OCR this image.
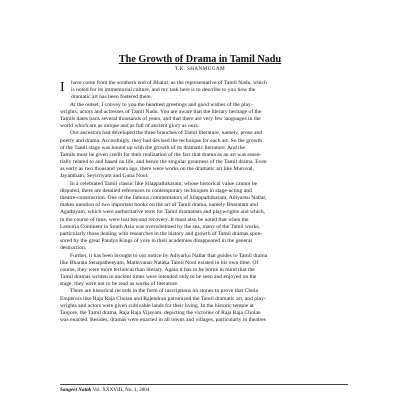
The Growth of Drama in Tamil Nadu
T.K. SHANMUGAM
I	have come from the southern end of Bharat, as the representative of Tamil Nadu, which
is noted for its immemorial culture, and my task here is to describe to you how the
dramatic art has been fostered there.
At the outset, I convey to you the heartiest greetings and good wishes of the play-
wrights, actors and actresses of Tamil Nadu. You are aware that the literary heritage of the
Tamils dates back several thousands of years, and that there are very few languages in the
world which are as unique and as full of ancient glory as ours.
Our ancestors had developed the three branches of Tamil literature, namely, prose and
poetry and drama. Accordingly, they had devised the technique for each art. So the growth
of the Tamil stage was bound up with the growth of its dramatic literature. And the
Tamils must be given credit for their realization of the fact that drama as an art was essen-
tially related to and based on life, and hence the singular greatness of the Tamil drama. Even
as early as two thousand years ago, there were works on the dramatic art like Muruval,
Jayantham, Seyirriyam and Guna Nool.
In a celebrated Tamil classic like Silappathikaram, whose historical value cannot be
disputed, there are detailed references to contemporary techniques in stage-acting and
theatre-construction. One of the famous commentators of Silappathikaram, Adiyarku Nallar,
makes mention of two important books on the art of Tamil drama, namely Bharatam and
Agathiyam, which were authoritative texts for Tamil dramatists and playwrights and which,
in the course of time, were lost beyond recovery. It must also be noted that when the
Lemuria Continent in South Asia was overwhelmed by the sea, many of the Tamil works,
particularly those dealing with researches in the history and growth of Tamil dramas spon-
sored by the great Pandya Kings of yore in their academies disappeared in the general
destruction.
Further, it has been brought to our notice by Adiyarku Nallar that guides to Tamil drama
like Bharata Senapatheeyam, Mathivanar Nataka Tamil Nool existed in his own time. Of
course, they were more technical than literary. Again it has to be borne in mind that the
Tamil dramas written in ancient times were intended only to be seen and enjoyed on the
stage, they were not to be read as works of literature.
There are historical records in the form of inscriptions on stones to prove that Chola
Emperors like Raja Raja Cholan and Rajendran patronized the Tamil dramatic art, and play-
wrights and actors were given cultivable lands for their living. In the historic temple at
Tanjore, the Tamil drama, Raja Raja Vijayam, depicting the victories of Raja Raja Cholan
was enacted. Besides, dramas were enacted in all towns and villages, particularly in theatres
Sangeet Natak Vol. XXXVIII, No. 1, 2004
